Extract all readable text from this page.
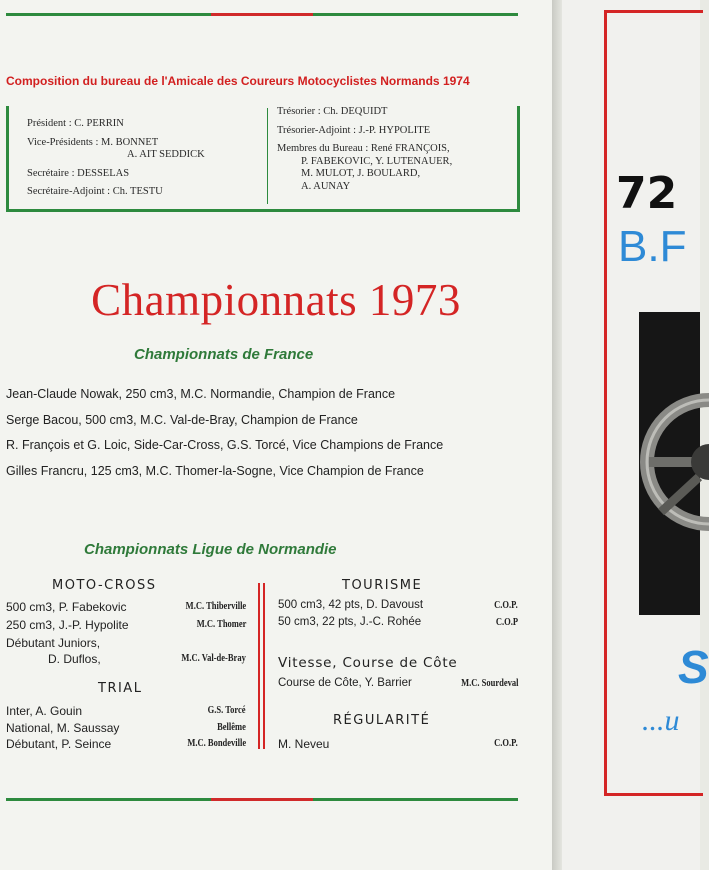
Composition du bureau de l'Amicale des Coureurs Motocyclistes Normands 1974
Président : C. PERRIN
Vice-Présidents : M. BONNET
A. AIT SEDDICK
Secrétaire : DESSELAS
Secrétaire-Adjoint : Ch. TESTU
Trésorier : Ch. DEQUIDT
Trésorier-Adjoint : J.-P. HYPOLITE
Membres du Bureau : René FRANÇOIS,
P. FABEKOVIC, Y. LUTENAUER,
M. MULOT, J. BOULARD,
A. AUNAY
Championnats 1973
Championnats de France
Jean-Claude Nowak, 250 cm3, M.C. Normandie, Champion de France
Serge Bacou, 500 cm3, M.C. Val-de-Bray, Champion de France
R. François et G. Loic, Side-Car-Cross, G.S. Torcé, Vice Champions de France
Gilles Francru, 125 cm3, M.C. Thomer-la-Sogne, Vice Champion de France
Championnats Ligue de Normandie
MOTO-CROSS
500 cm3, P. Fabekovic	M.C. Thiberville
250 cm3, J.-P. Hypolite	M.C. Thomer
Débutant Juniors,
D. Duflos,	M.C. Val-de-Bray
TRIAL
Inter, A. Gouin	G.S. Torcé
National, M. Saussay	Bellême
Débutant, P. Seince	M.C. Bondeville
TOURISME
500 cm3, 42 pts, D. Davoust	C.O.P.
50 cm3, 22 pts, J.-C. Rohée	C.O.P
Vitesse, Course de Côte
Course de Côte, Y. Barrier	M.C. Sourdeval
RÉGULARITÉ
M. Neveu	C.O.P.
72
B.F
S
...u
